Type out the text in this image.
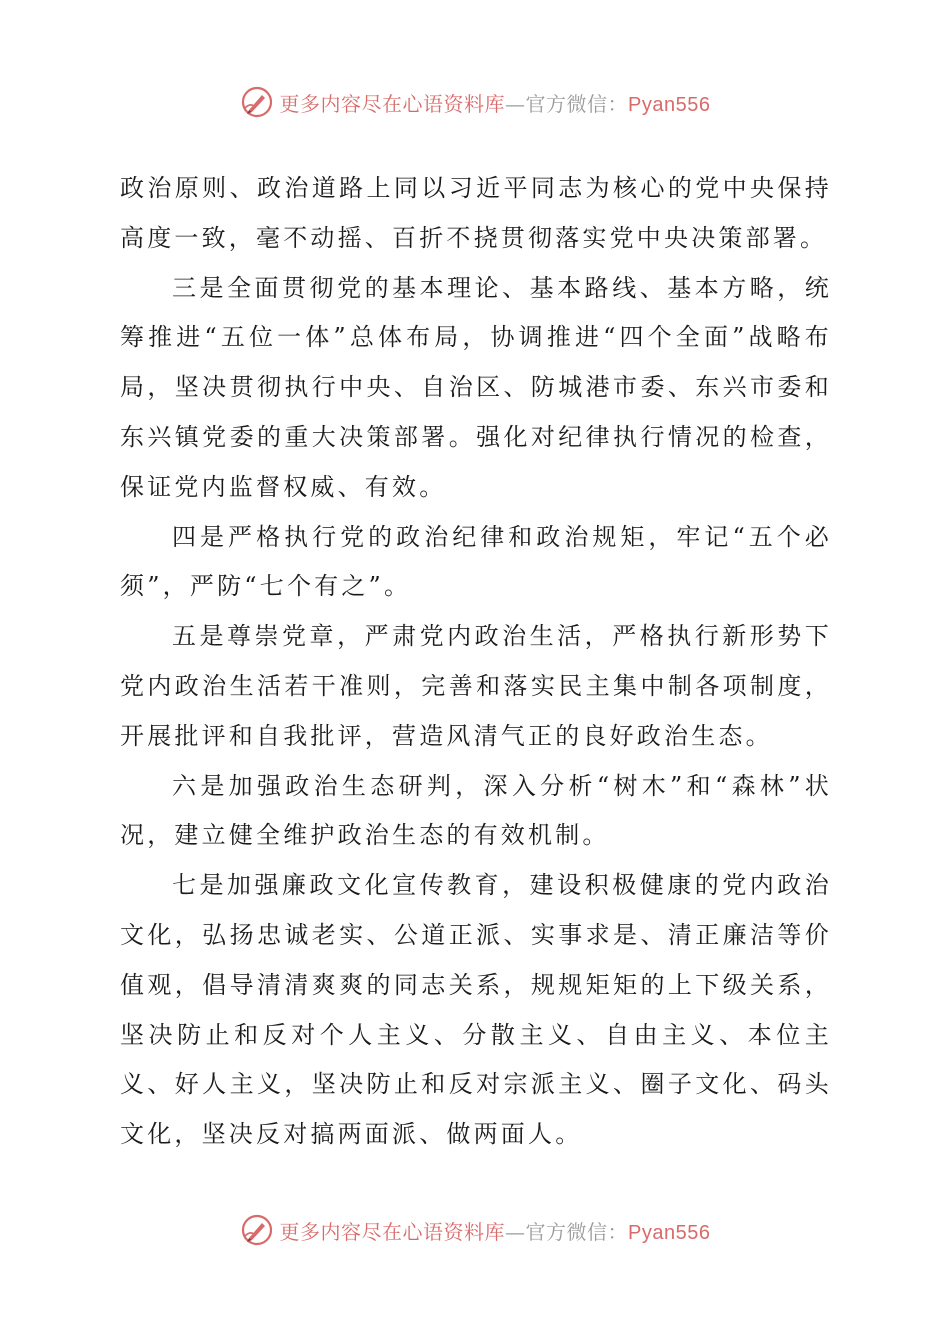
更多内容尽在心语资料库—官方微信：Pyan556

政治原则、政治道路上同以习近平同志为核心的党中央保持高度一致，毫不动摇、百折不挠贯彻落实党中央决策部署。

三是全面贯彻党的基本理论、基本路线、基本方略，统筹推进“五位一体”总体布局，协调推进“四个全面”战略布局，坚决贯彻执行中央、自治区、防城港市委、东兴市委和东兴镇党委的重大决策部署。强化对纪律执行情况的检查，保证党内监督权威、有效。

四是严格执行党的政治纪律和政治规矩，牢记“五个必须”，严防“七个有之”。

五是尊崇党章，严肃党内政治生活，严格执行新形势下党内政治生活若干准则，完善和落实民主集中制各项制度，开展批评和自我批评，营造风清气正的良好政治生态。

六是加强政治生态研判，深入分析“树木”和“森林”状况，建立健全维护政治生态的有效机制。

七是加强廉政文化宣传教育，建设积极健康的党内政治文化，弘扬忠诚老实、公道正派、实事求是、清正廉洁等价值观，倡导清清爽爽的同志关系，规规矩矩的上下级关系，坚决防止和反对个人主义、分散主义、自由主义、本位主义、好人主义，坚决防止和反对宗派主义、圈子文化、码头文化，坚决反对搞两面派、做两面人。

更多内容尽在心语资料库—官方微信：Pyan556
